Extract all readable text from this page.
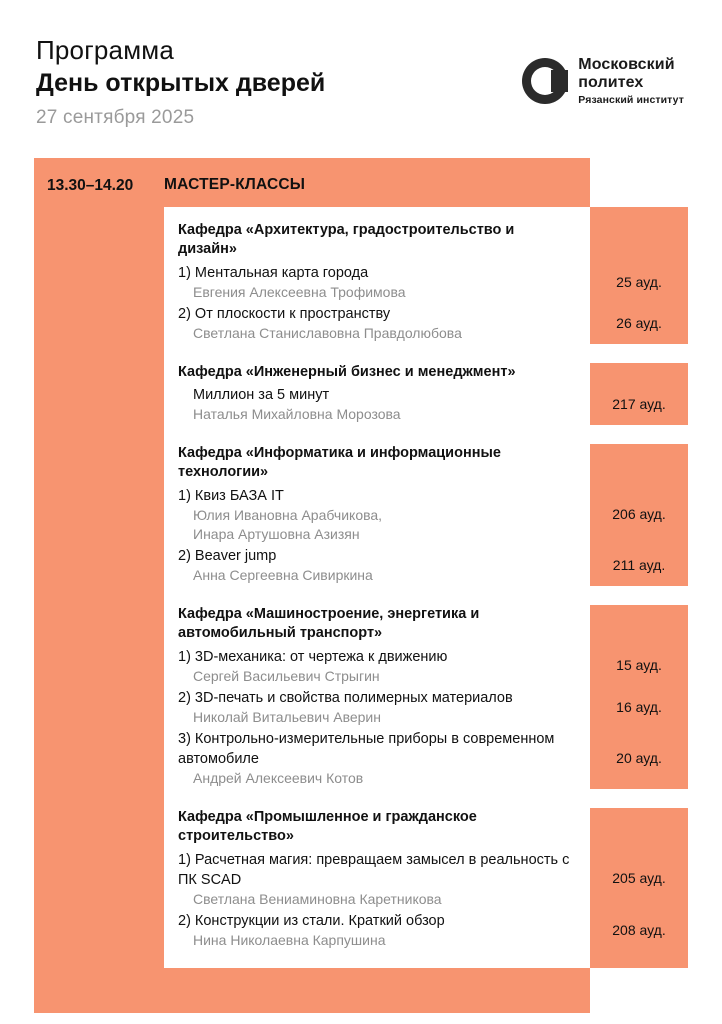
Программа
День открытых дверей
27 сентября 2025
Московский
политех
Рязанский институт
13.30–14.20	МАСТЕР-КЛАССЫ
Кафедра «Архитектура, градостроительство и дизайн»
1) Ментальная карта города
Евгения Алексеевна Трофимова
2) От плоскости к пространству
Светлана Станиславовна Правдолюбова
Кафедра «Инженерный бизнес и менеджмент»
Миллион за 5 минут
Наталья Михайловна Морозова
Кафедра «Информатика и информационные технологии»
1) Квиз БАЗА IT
Юлия Ивановна Арабчикова,
Инара Артушовна Азизян
2) Beaver jump
Анна Сергеевна Сивиркина
Кафедра «Машиностроение, энергетика и автомобильный транспорт»
1) 3D-механика: от чертежа к движению
Сергей Васильевич Стрыгин
2) 3D-печать и свойства полимерных материалов
Николай Витальевич Аверин
3) Контрольно-измерительные приборы в современном автомобиле
Андрей Алексеевич Котов
Кафедра «Промышленное и гражданское строительство»
1) Расчетная магия: превращаем замысел в реальность с ПК SCAD
Светлана Вениаминовна Каретникова
2) Конструкции из стали. Краткий обзор
Нина Николаевна Карпушина
25 ауд.
26 ауд.
217 ауд.
206 ауд.
211 ауд.
15 ауд.
16 ауд.
20 ауд.
205 ауд.
208 ауд.
